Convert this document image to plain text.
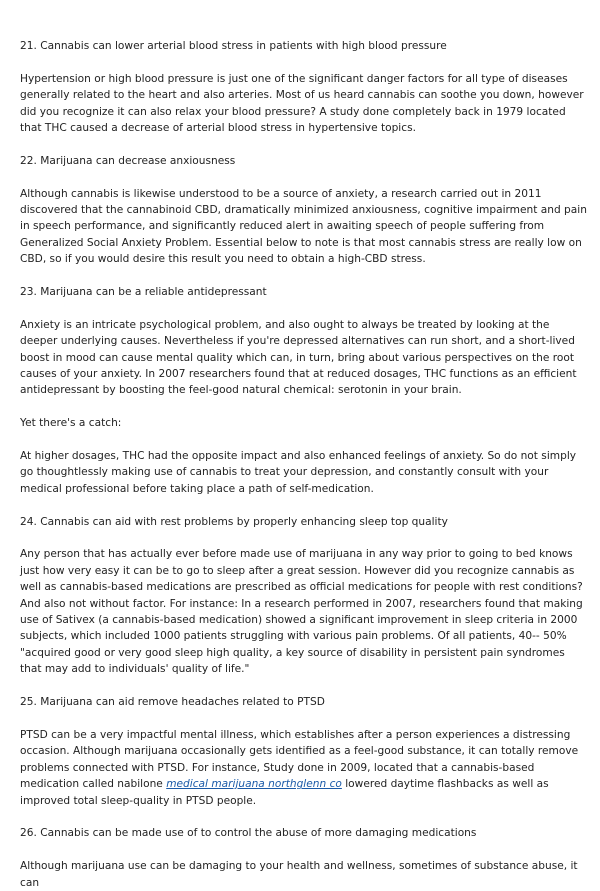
21. Cannabis can lower arterial blood stress in patients with high blood pressure

Hypertension or high blood pressure is just one of the significant danger factors for all type of diseases generally related to the heart and also arteries. Most of us heard cannabis can soothe you down, however did you recognize it can also relax your blood pressure? A study done completely back in 1979 located that THC caused a decrease of arterial blood stress in hypertensive topics.

22. Marijuana can decrease anxiousness

Although cannabis is likewise understood to be a source of anxiety, a research carried out in 2011 discovered that the cannabinoid CBD, dramatically minimized anxiousness, cognitive impairment and pain in speech performance, and significantly reduced alert in awaiting speech of people suffering from Generalized Social Anxiety Problem. Essential below to note is that most cannabis stress are really low on CBD, so if you would desire this result you need to obtain a high-CBD stress.

23. Marijuana can be a reliable antidepressant

Anxiety is an intricate psychological problem, and also ought to always be treated by looking at the deeper underlying causes. Nevertheless if you're depressed alternatives can run short, and a short-lived boost in mood can cause mental quality which can, in turn, bring about various perspectives on the root causes of your anxiety. In 2007 researchers found that at reduced dosages, THC functions as an efficient antidepressant by boosting the feel-good natural chemical: serotonin in your brain.

Yet there's a catch:

At higher dosages, THC had the opposite impact and also enhanced feelings of anxiety. So do not simply go thoughtlessly making use of cannabis to treat your depression, and constantly consult with your medical professional before taking place a path of self-medication.

24. Cannabis can aid with rest problems by properly enhancing sleep top quality

Any person that has actually ever before made use of marijuana in any way prior to going to bed knows just how very easy it can be to go to sleep after a great session. However did you recognize cannabis as well as cannabis-based medications are prescribed as official medications for people with rest conditions? And also not without factor. For instance: In a research performed in 2007, researchers found that making use of Sativex (a cannabis-based medication) showed a significant improvement in sleep criteria in 2000 subjects, which included 1000 patients struggling with various pain problems. Of all patients, 40-- 50% "acquired good or very good sleep high quality, a key source of disability in persistent pain syndromes that may add to individuals' quality of life."

25. Marijuana can aid remove headaches related to PTSD

PTSD can be a very impactful mental illness, which establishes after a person experiences a distressing occasion. Although marijuana occasionally gets identified as a feel-good substance, it can totally remove problems connected with PTSD. For instance, Study done in 2009, located that a cannabis-based medication called nabilone medical marijuana northglenn co lowered daytime flashbacks as well as improved total sleep-quality in PTSD people.

26. Cannabis can be made use of to control the abuse of more damaging medications

Although marijuana use can be damaging to your health and wellness, sometimes of substance abuse, it can
